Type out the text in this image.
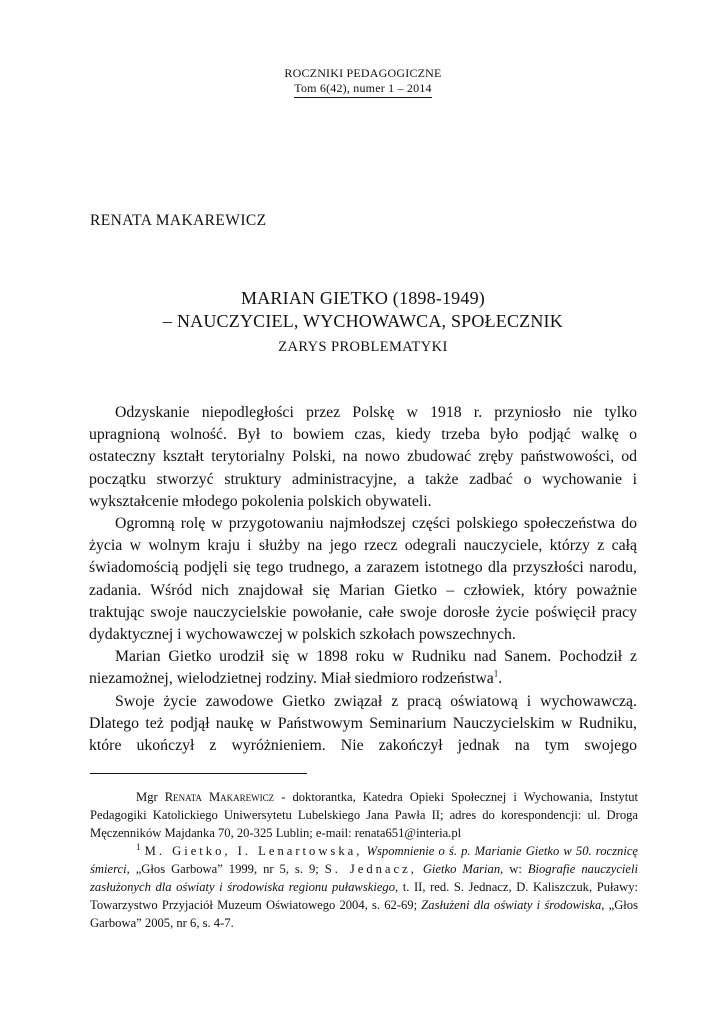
ROCZNIKI PEDAGOGICZNE
Tom 6(42), numer 1 – 2014
RENATA MAKAREWICZ
MARIAN GIETKO (1898-1949)
– NAUCZYCIEL, WYCHOWAWCA, SPOŁECZNIK
ZARYS PROBLEMATYKI

Odzyskanie niepodległości przez Polskę w 1918 r. przyniosło nie tylko upragnioną wolność. Był to bowiem czas, kiedy trzeba było podjąć walkę o ostateczny kształt terytorialny Polski, na nowo zbudować zręby państwowości, od początku stworzyć struktury administracyjne, a także zadbać o wychowanie i wykształcenie młodego pokolenia polskich obywateli.

Ogromną rolę w przygotowaniu najmłodszej części polskiego społeczeństwa do życia w wolnym kraju i służby na jego rzecz odegrali nauczyciele, którzy z całą świadomością podjęli się tego trudnego, a zarazem istotnego dla przyszłości narodu, zadania. Wśród nich znajdował się Marian Gietko – człowiek, który poważnie traktując swoje nauczycielskie powołanie, całe swoje dorosłe życie poświęcił pracy dydaktycznej i wychowawczej w polskich szkołach powszechnych.

Marian Gietko urodził się w 1898 roku w Rudniku nad Sanem. Pochodził z niezamożnej, wielodzietnej rodziny. Miał siedmioro rodzeństwa$^1$.

Swoje życie zawodowe Gietko związał z pracą oświatową i wychowawczą. Dlatego też podjął naukę w Państwowym Seminarium Nauczycielskim w Rudniku, które ukończył z wyróżnieniem. Nie zakończył jednak na tym swojego

Mgr Renata Makarewicz - doktorantka, Katedra Opieki Społecznej i Wychowania, Instytut Pedagogiki Katolickiego Uniwersytetu Lubelskiego Jana Pawła II; adres do korespondencji: ul. Droga Męczenników Majdanka 70, 20-325 Lublin; e-mail: renata651@interia.pl

$^1$ M. Gietko, I. Lenartowska, Wspomnienie o ś. p. Marianie Gietko w 50. rocznicę śmierci, „Głos Garbowa” 1999, nr 5, s. 9; S. Jednacz, Gietko Marian, w: Biografie nauczycieli zasłużonych dla oświaty i środowiska regionu puławskiego, t. II, red. S. Jednacz, D. Kaliszczuk, Puławy: Towarzystwo Przyjaciół Muzeum Oświatowego 2004, s. 62-69; Zasłużeni dla oświaty i środowiska, „Głos Garbowa” 2005, nr 6, s. 4-7.
